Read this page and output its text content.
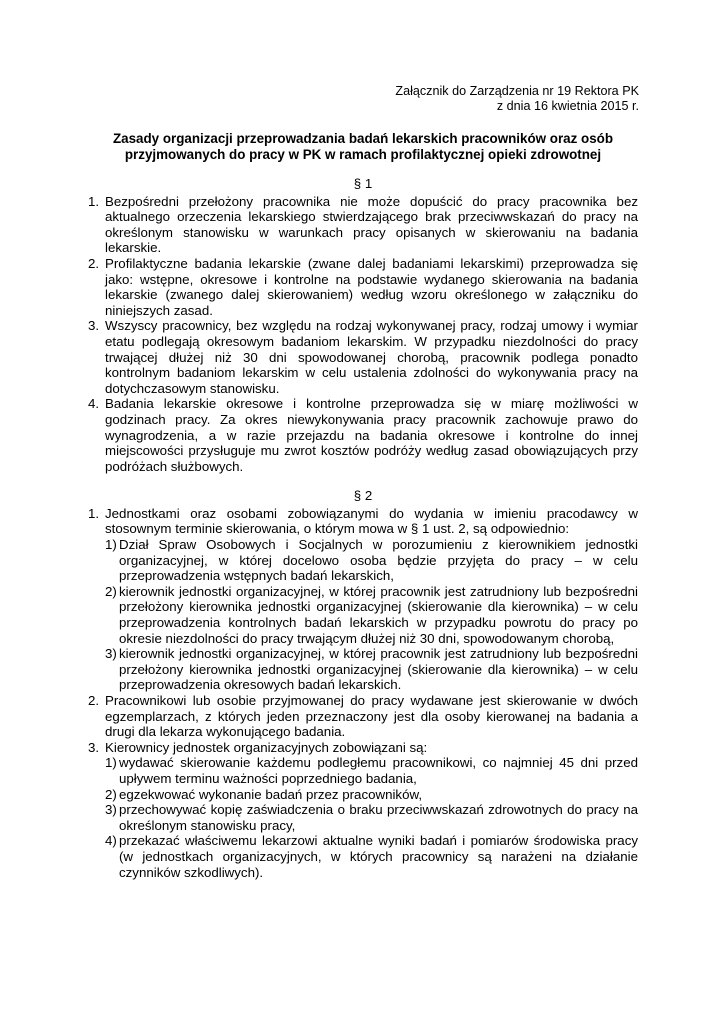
Załącznik do Zarządzenia nr 19 Rektora PK
z dnia 16 kwietnia 2015 r.
Zasady organizacji przeprowadzania badań lekarskich pracowników oraz osób
przyjmowanych do pracy w PK w ramach profilaktycznej opieki zdrowotnej
§ 1
1. Bezpośredni przełożony pracownika nie może dopuścić do pracy pracownika bez aktualnego orzeczenia lekarskiego stwierdzającego brak przeciwwskazań do pracy na określonym stanowisku w warunkach pracy opisanych w skierowaniu na badania lekarskie.
2. Profilaktyczne badania lekarskie (zwane dalej badaniami lekarskimi) przeprowadza się jako: wstępne, okresowe i kontrolne na podstawie wydanego skierowania na badania lekarskie (zwanego dalej skierowaniem) według wzoru określonego w załączniku do niniejszych zasad.
3. Wszyscy pracownicy, bez względu na rodzaj wykonywanej pracy, rodzaj umowy i wymiar etatu podlegają okresowym badaniom lekarskim. W przypadku niezdolności do pracy trwającej dłużej niż 30 dni spowodowanej chorobą, pracownik podlega ponadto kontrolnym badaniom lekarskim w celu ustalenia zdolności do wykonywania pracy na dotychczasowym stanowisku.
4. Badania lekarskie okresowe i kontrolne przeprowadza się w miarę możliwości w godzinach pracy. Za okres niewykonywania pracy pracownik zachowuje prawo do wynagrodzenia, a w razie przejazdu na badania okresowe i kontrolne do innej miejscowości przysługuje mu zwrot kosztów podróży według zasad obowiązujących przy podróżach służbowych.
§ 2
1. Jednostkami oraz osobami zobowiązanymi do wydania w imieniu pracodawcy w stosownym terminie skierowania, o którym mowa w § 1 ust. 2, są odpowiednio:
1) Dział Spraw Osobowych i Socjalnych w porozumieniu z kierownikiem jednostki organizacyjnej, w której docelowo osoba będzie przyjęta do pracy – w celu przeprowadzenia wstępnych badań lekarskich,
2) kierownik jednostki organizacyjnej, w której pracownik jest zatrudniony lub bezpośredni przełożony kierownika jednostki organizacyjnej (skierowanie dla kierownika) – w celu przeprowadzenia kontrolnych badań lekarskich w przypadku powrotu do pracy po okresie niezdolności do pracy trwającym dłużej niż 30 dni, spowodowanym chorobą,
3) kierownik jednostki organizacyjnej, w której pracownik jest zatrudniony lub bezpośredni przełożony kierownika jednostki organizacyjnej (skierowanie dla kierownika) – w celu przeprowadzenia okresowych badań lekarskich.
2. Pracownikowi lub osobie przyjmowanej do pracy wydawane jest skierowanie w dwóch egzemplarzach, z których jeden przeznaczony jest dla osoby kierowanej na badania a drugi dla lekarza wykonującego badania.
3. Kierownicy jednostek organizacyjnych zobowiązani są:
1) wydawać skierowanie każdemu podległemu pracownikowi, co najmniej 45 dni przed upływem terminu ważności poprzedniego badania,
2) egzekwować wykonanie badań przez pracowników,
3) przechowywać kopię zaświadczenia o braku przeciwwskazań zdrowotnych do pracy na określonym stanowisku pracy,
4) przekazać właściwemu lekarzowi aktualne wyniki badań i pomiarów środowiska pracy (w jednostkach organizacyjnych, w których pracownicy są narażeni na działanie czynników szkodliwych).
